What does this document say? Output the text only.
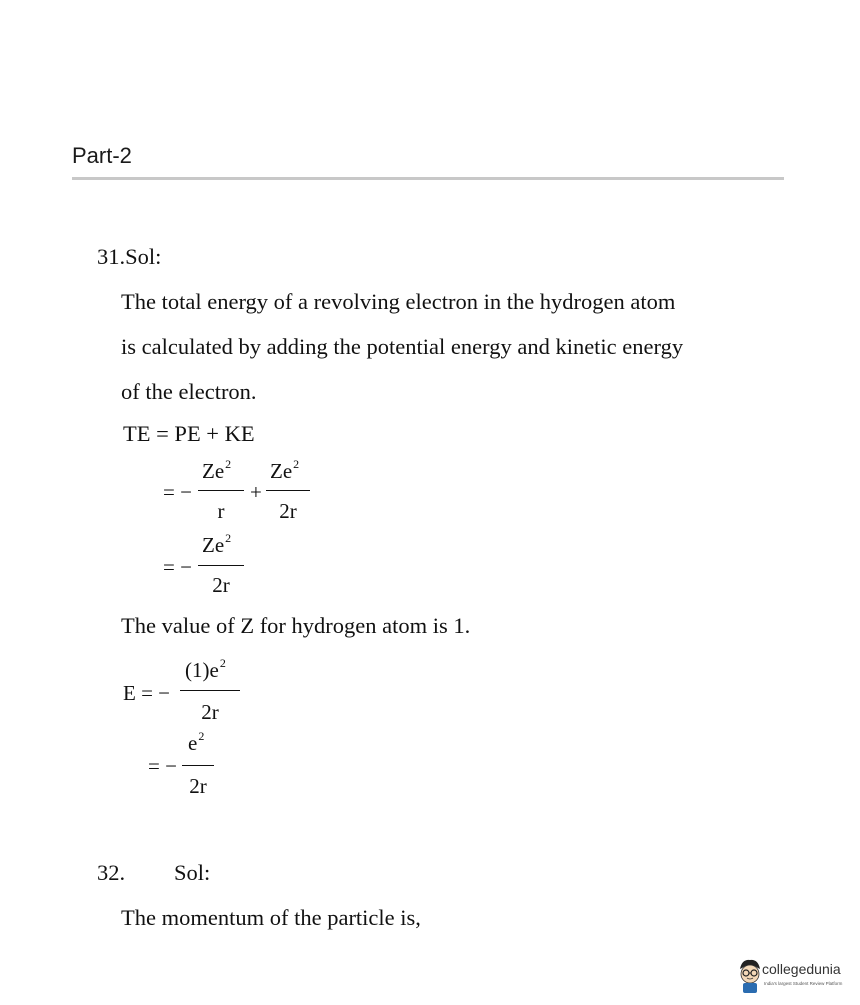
Part-2
31.Sol:
The total energy of a revolving electron in the hydrogen atom
is calculated by adding the potential energy and kinetic energy
of the electron.
TE = PE + KE
= −
$Ze^2$
r
+
$Ze^2$
2r
= −
$Ze^2$
2r
The value of Z for hydrogen atom is 1.
E = −
$(1)e^2$
2r
= −
$e^2$
2r
32. Sol:
The momentum of the particle is,
collegedunia
India's largest Student Review Platform
